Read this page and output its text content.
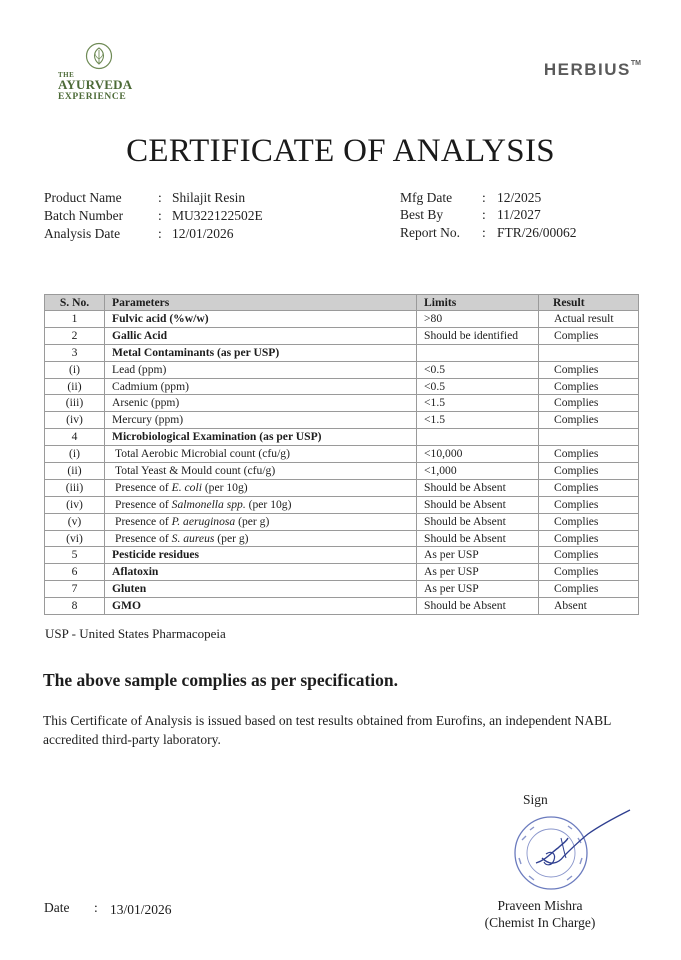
THE
AYURVEDA
EXPERIENCE
HERBIUS™
CERTIFICATE OF ANALYSIS
Product Name	: Shilajit Resin
Batch Number	: MU322122502E
Analysis Date	: 12/01/2026
Mfg Date : 12/2025
Best By	: 11/2027
Report No. : FTR/26/00062
S. No.	Parameters	Limits	Result
1	Fulvic acid (%w/w)	>80	Actual result
2	Gallic Acid	Should be identified	Complies
3	Metal Contaminants (as per USP)		
(i)	Lead (ppm)	<0.5	Complies
(ii)	Cadmium (ppm)	<0.5	Complies
(iii)	Arsenic (ppm)	<1.5	Complies
(iv)	Mercury (ppm)	<1.5	Complies
4	Microbiological Examination (as per USP)		
(i)	Total Aerobic Microbial count (cfu/g)	<10,000	Complies
(ii)	Total Yeast & Mould count (cfu/g)	<1,000	Complies
(iii)	Presence of E. coli (per 10g)	Should be Absent	Complies
(iv)	Presence of Salmonella spp. (per 10g)	Should be Absent	Complies
(v)	Presence of P. aeruginosa (per g)	Should be Absent	Complies
(vi)	Presence of S. aureus (per g)	Should be Absent	Complies
5	Pesticide residues	As per USP	Complies
6	Aflatoxin	As per USP	Complies
7	Gluten	As per USP	Complies
8	GMO	Should be Absent	Absent
USP - United States Pharmacopeia
The above sample complies as per specification.
This Certificate of Analysis is issued based on test results obtained from Eurofins, an independent NABL accredited third-party laboratory.
Sign
Date : 13/01/2026	Praveen Mishra
(Chemist In Charge)
